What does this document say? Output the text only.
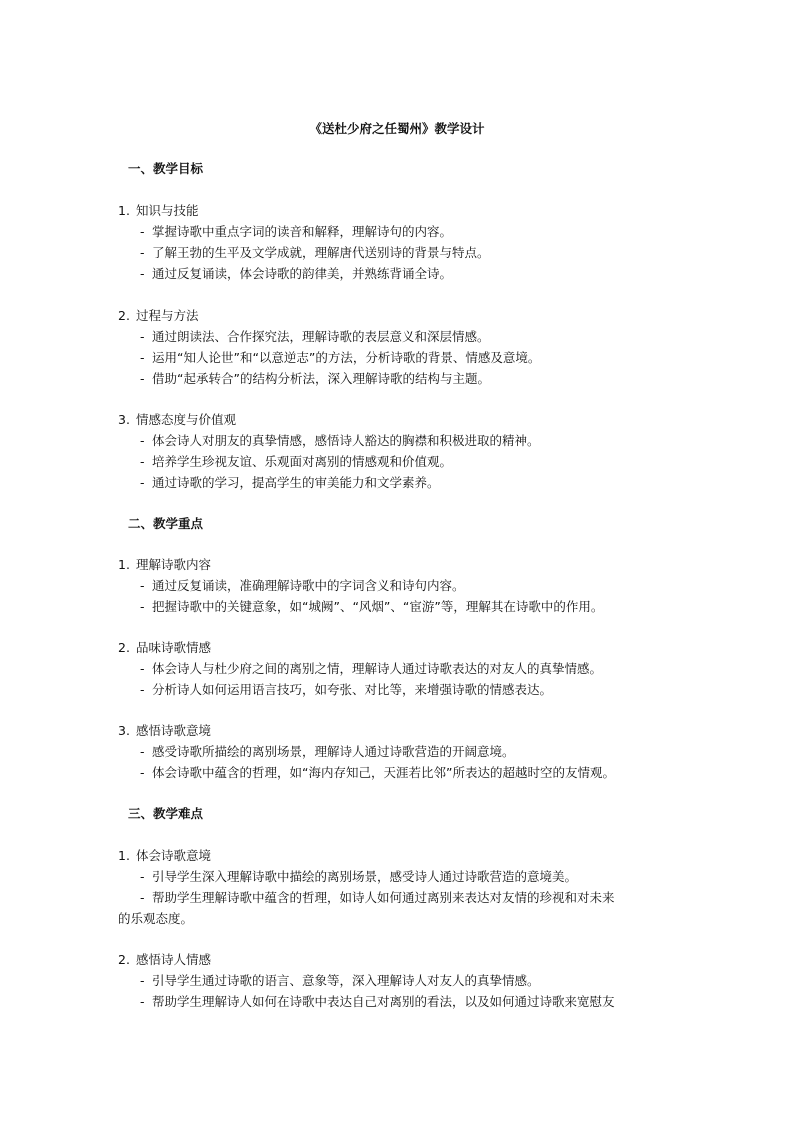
《送杜少府之任蜀州》教学设计
一、教学目标
1. 知识与技能
- 掌握诗歌中重点字词的读音和解释，理解诗句的内容。
- 了解王勃的生平及文学成就，理解唐代送别诗的背景与特点。
- 通过反复诵读，体会诗歌的韵律美，并熟练背诵全诗。
2. 过程与方法
- 通过朗读法、合作探究法，理解诗歌的表层意义和深层情感。
- 运用“知人论世”和“以意逆志”的方法，分析诗歌的背景、情感及意境。
- 借助“起承转合”的结构分析法，深入理解诗歌的结构与主题。
3. 情感态度与价值观
- 体会诗人对朋友的真挚情感，感悟诗人豁达的胸襟和积极进取的精神。
- 培养学生珍视友谊、乐观面对离别的情感观和价值观。
- 通过诗歌的学习，提高学生的审美能力和文学素养。
二、教学重点
1. 理解诗歌内容
- 通过反复诵读，准确理解诗歌中的字词含义和诗句内容。
- 把握诗歌中的关键意象，如“城阙”、“风烟”、“宦游”等，理解其在诗歌中的作用。
2. 品味诗歌情感
- 体会诗人与杜少府之间的离别之情，理解诗人通过诗歌表达的对友人的真挚情感。
- 分析诗人如何运用语言技巧，如夸张、对比等，来增强诗歌的情感表达。
3. 感悟诗歌意境
- 感受诗歌所描绘的离别场景，理解诗人通过诗歌营造的开阔意境。
- 体会诗歌中蕴含的哲理，如“海内存知己，天涯若比邻”所表达的超越时空的友情观。
三、教学难点
1. 体会诗歌意境
- 引导学生深入理解诗歌中描绘的离别场景，感受诗人通过诗歌营造的意境美。
- 帮助学生理解诗歌中蕴含的哲理，如诗人如何通过离别来表达对友情的珍视和对未来
的乐观态度。
2. 感悟诗人情感
- 引导学生通过诗歌的语言、意象等，深入理解诗人对友人的真挚情感。
- 帮助学生理解诗人如何在诗歌中表达自己对离别的看法，以及如何通过诗歌来宽慰友
